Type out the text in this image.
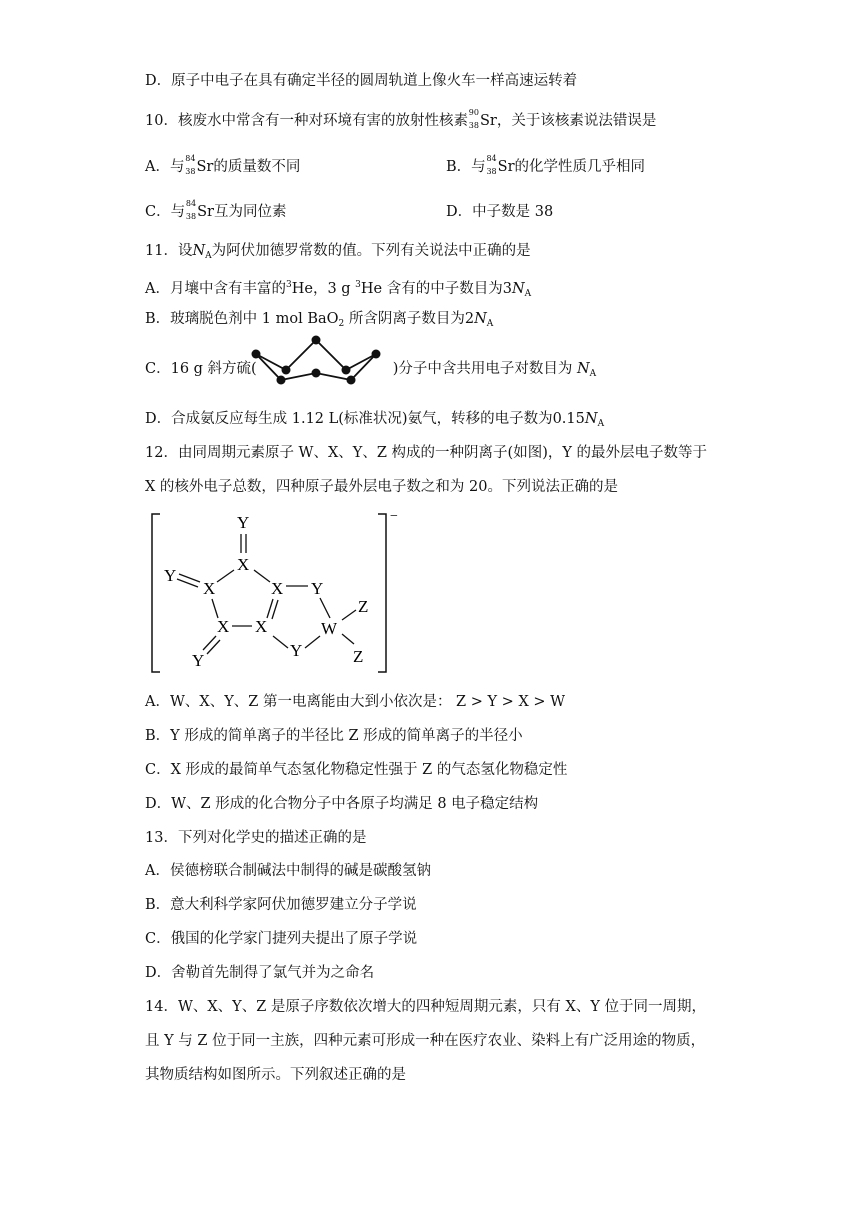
D．原子中电子在具有确定半径的圆周轨道上像火车一样高速运转着
10．核废水中常含有一种对环境有害的放射性核素
90
38 Sr，关于该核素说法错误是
A．与
84
38 Sr的质量数不同	B．与
84
38 Sr的化学性质几乎相同
C．与
84
38 Sr互为同位素	D．中子数是 38
11．设$N_A$为阿伏加德罗常数的值。下列有关说法中正确的是
A．月壤中含有丰富的$^3$He，3 g $^3$He 含有的中子数目为$3N_A$
B．玻璃脱色剂中 1 mol BaO$_2$ 所含阴离子数目为$2N_A$
C．16 g 斜方硫(	)分子中含共用电子对数目为 $N_A$
D．合成氨反应每生成 1.12 L(标准状况)氨气，转移的电子数为$0.15N_A$
12．由同周期元素原子 W、X、Y、Z 构成的一种阴离子(如图)，Y 的最外层电子数等于
X 的核外电子总数，四种原子最外层电子数之和为 20。下列说法正确的是
−
Y
X
Y
X	X Y
X X	W
Z
Y	Z
Y
A．W、X、Y、Z 第一电离能由大到小依次是： Z > Y > X > W
B．Y 形成的简单离子的半径比 Z 形成的简单离子的半径小
C．X 形成的最简单气态氢化物稳定性强于 Z 的气态氢化物稳定性
D．W、Z 形成的化合物分子中各原子均满足 8 电子稳定结构
13．下列对化学史的描述正确的是
A．侯德榜联合制碱法中制得的碱是碳酸氢钠
B．意大利科学家阿伏加德罗建立分子学说
C．俄国的化学家门捷列夫提出了原子学说
D．舍勒首先制得了氯气并为之命名
14．W、X、Y、Z 是原子序数依次增大的四种短周期元素，只有 X、Y 位于同一周期，
且 Y 与 Z 位于同一主族，四种元素可形成一种在医疗农业、染料上有广泛用途的物质，
其物质结构如图所示。下列叙述正确的是
